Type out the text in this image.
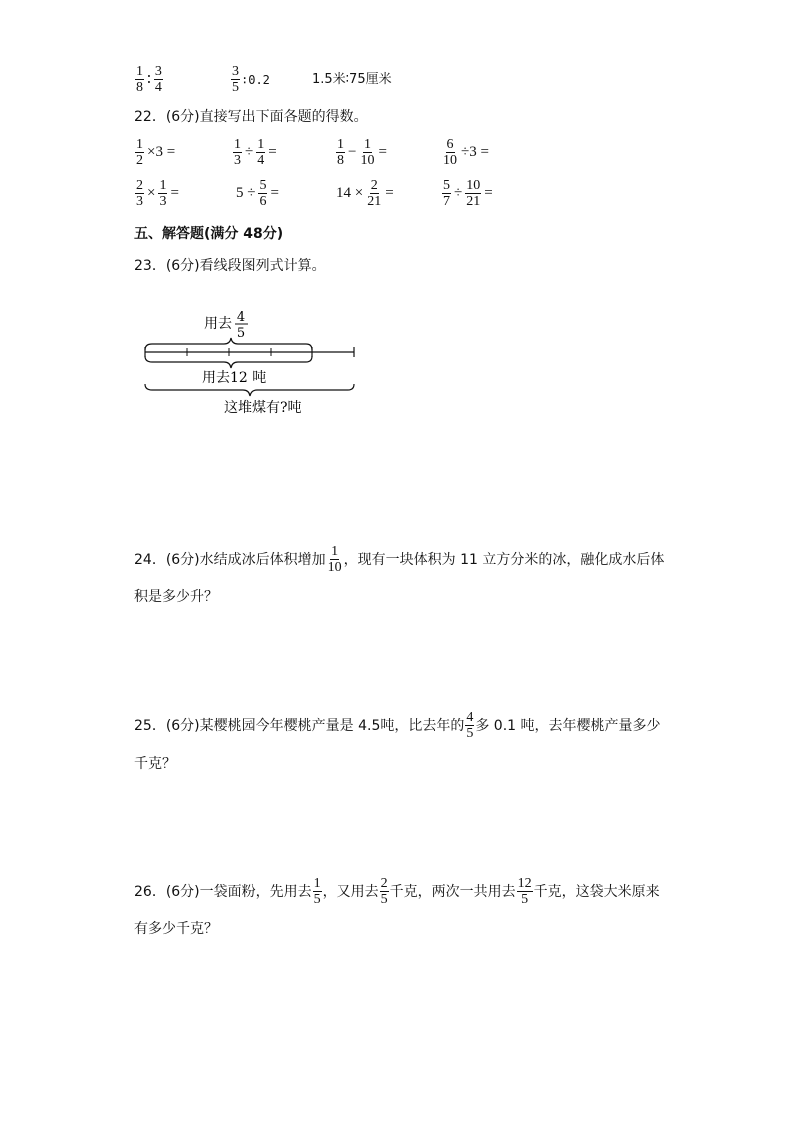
$\frac{1}{8}$ ∶ $\frac{3}{4}$	$\frac{3}{5}$ ∶0.2	1.5米∶75厘米
22．(6分)直接写出下面各题的得数。
$\frac{1}{2} \times 3$ =	$\frac{1}{3} \div \frac{1}{4}$ =	$\frac{1}{8} - \frac{1}{10}$ =	$\frac{6}{10} \div 3$ =
$\frac{2}{3} \times \frac{1}{3}$ =	$5 \div \frac{5}{6}$ =	$14 \times \frac{2}{21}$ =	$\frac{5}{7} \div \frac{10}{21}$ =
五、解答题(满分 48分)
23．(6分)看线段图列式计算。
用去 4
5
用去12 吨
这堆煤有?吨
24．(6分)水结成冰后体积增加 $\frac{1}{10}$ ，现有一块体积为 11 立方分米的冰，融化成水后体
积是多少升？
25．(6分)某樱桃园今年樱桃产量是 4.5吨，比去年的 $\frac{4}{5}$ 多 0.1 吨，去年樱桃产量多少
千克？
26．(6分)一袋面粉，先用去 $\frac{1}{5}$ ，又用去 $\frac{2}{5}$ 千克，两次一共用去 $\frac{12}{5}$ 千克，这袋大米原来
有多少千克？
